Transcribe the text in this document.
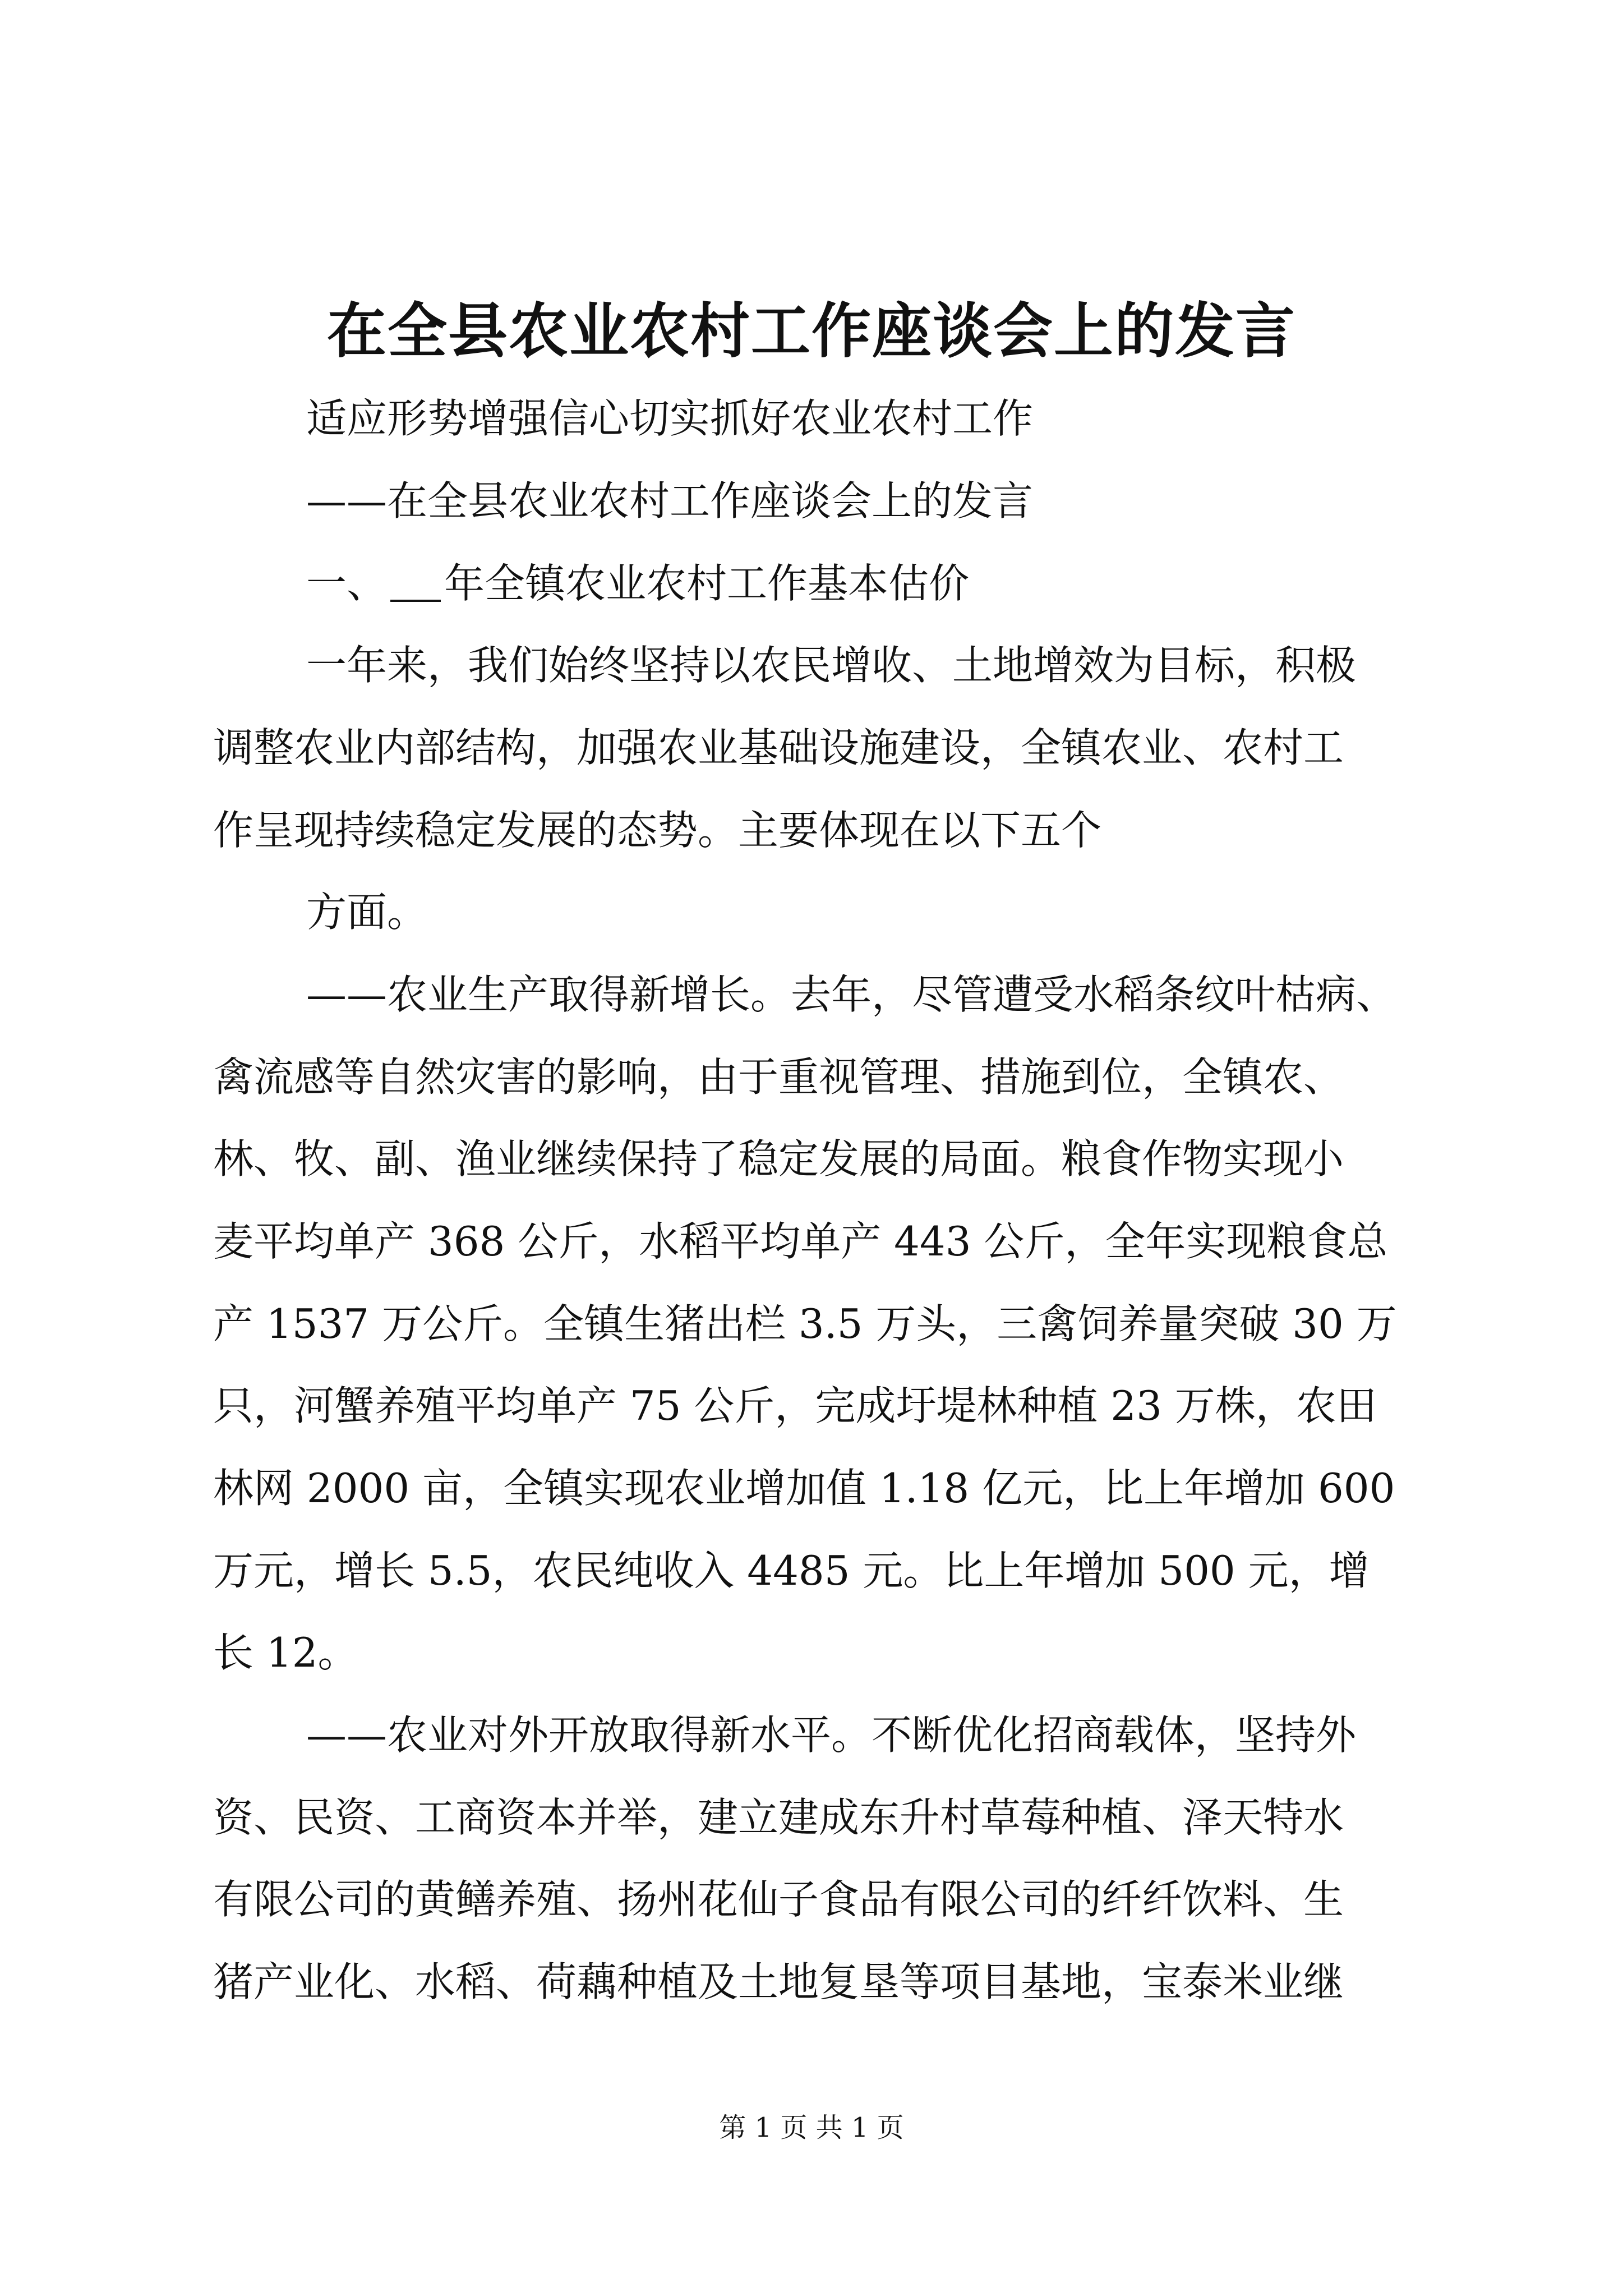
在全县农业农村工作座谈会上的发言
适应形势增强信心切实抓好农业农村工作
——在全县农业农村工作座谈会上的发言
一、 年全镇农业农村工作基本估价
一年来，我们始终坚持以农民增收、土地增效为目标，积极
调整农业内部结构，加强农业基础设施建设，全镇农业、农村工
作呈现持续稳定发展的态势。主要体现在以下五个
方面。
——农业生产取得新增长。去年，尽管遭受水稻条纹叶枯病、
禽流感等自然灾害的影响，由于重视管理、措施到位，全镇农、
林、牧、副、渔业继续保持了稳定发展的局面。粮食作物实现小
麦平均单产 368 公斤，水稻平均单产 443 公斤，全年实现粮食总
产 1537 万公斤。全镇生猪出栏 3.5 万头，三禽饲养量突破 30 万
只，河蟹养殖平均单产 75 公斤，完成圩堤林种植 23 万株，农田
林网 2000 亩，全镇实现农业增加值 1.18 亿元，比上年增加 600
万元，增长 5.5，农民纯收入 4485 元。比上年增加 500 元，增
长 12。
——农业对外开放取得新水平。不断优化招商载体，坚持外
资、民资、工商资本并举，建立建成东升村草莓种植、泽天特水
有限公司的黄鳝养殖、扬州花仙子食品有限公司的纤纤饮料、生
猪产业化、水稻、荷藕种植及土地复垦等项目基地，宝泰米业继
第 1 页 共 1 页
